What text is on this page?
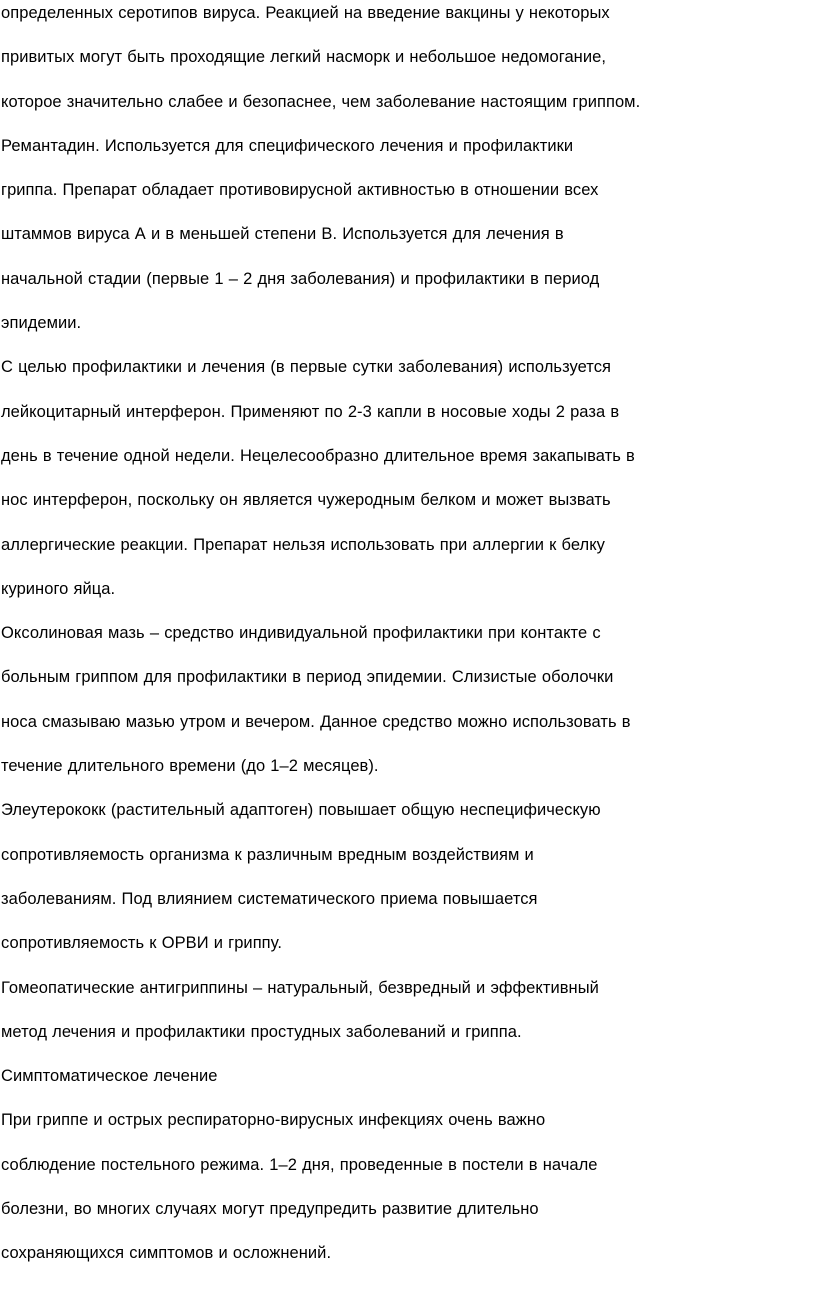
определенных серотипов вируса. Реакцией на введение вакцины у некоторых
привитых могут быть проходящие легкий насморк и небольшое недомогание,
которое значительно слабее и безопаснее, чем заболевание настоящим гриппом.
Ремантадин. Используется для специфического лечения и профилактики
гриппа. Препарат обладает противовирусной активностью в отношении всех
штаммов вируса А и в меньшей степени В. Используется для лечения в
начальной стадии (первые 1 – 2 дня заболевания) и профилактики в период
эпидемии.
С целью профилактики и лечения (в первые сутки заболевания) используется
лейкоцитарный интерферон. Применяют по 2-3 капли в носовые ходы 2 раза в
день в течение одной недели. Нецелесообразно длительное время закапывать в
нос интерферон, поскольку он является чужеродным белком и может вызвать
аллергические реакции. Препарат нельзя использовать при аллергии к белку
куриного яйца.
Оксолиновая мазь – средство индивидуальной профилактики при контакте с
больным гриппом для профилактики в период эпидемии. Слизистые оболочки
носа смазываю мазью утром и вечером. Данное средство можно использовать в
течение длительного времени (до 1–2 месяцев).
Элеутерококк (растительный адаптоген) повышает общую неспецифическую
сопротивляемость организма к различным вредным воздействиям и
заболеваниям. Под влиянием систематического приема повышается
сопротивляемость к ОРВИ и гриппу.
Гомеопатические антигриппины – натуральный, безвредный и эффективный
метод лечения и профилактики простудных заболеваний и гриппа.
Симптоматическое лечение
При гриппе и острых респираторно-вирусных инфекциях очень важно
соблюдение постельного режима. 1–2 дня, проведенные в постели в начале
болезни, во многих случаях могут предупредить развитие длительно
сохраняющихся симптомов и осложнений.
